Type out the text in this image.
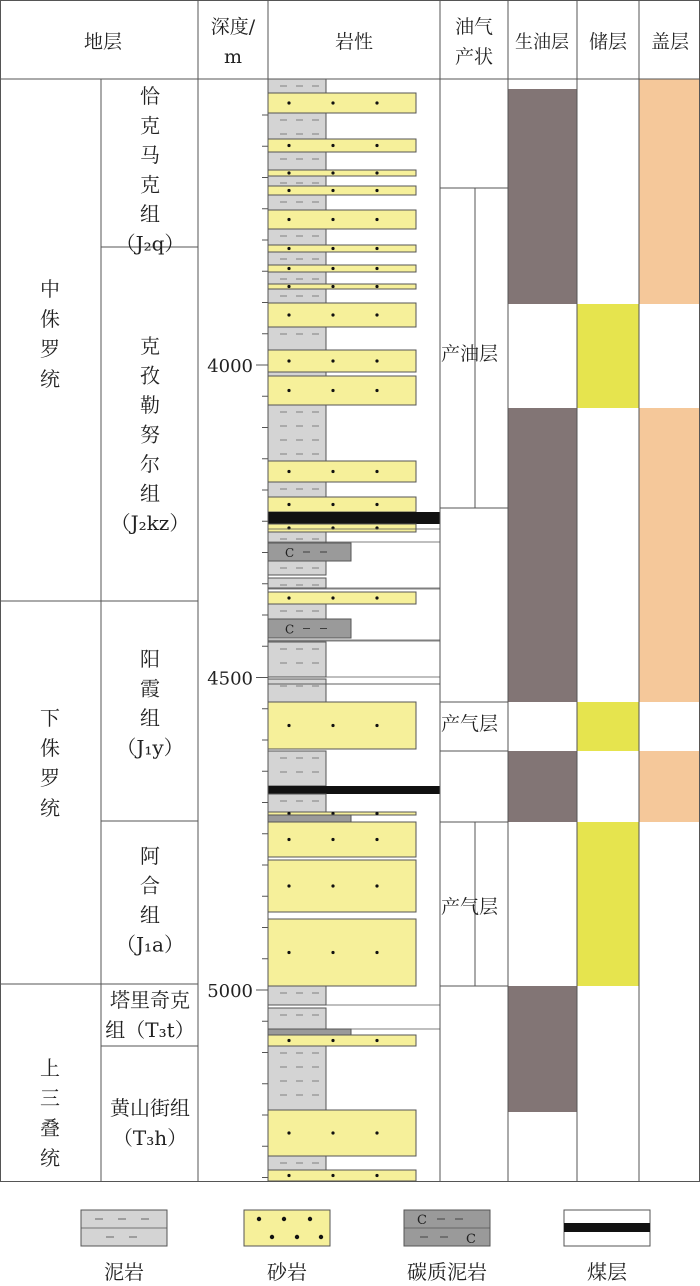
C
C
地层
深度/
m
岩性
油气
产状
生油层 储层 盖层
中
侏
罗
统
下
侏
罗
统
上
三
叠
统
恰
克
马
克
组
（J₂q）
克
孜
勒
努
尔
组
（J₂kz）
阳
霞
组
（J₁y）
阿
合
组
（J₁a）
塔里奇克
组（T₃t）
黄山街组
（T₃h）
4000
4500
5000
产油层
产气层
产气层
泥岩	砂岩
C
C
碳质泥岩	煤层
